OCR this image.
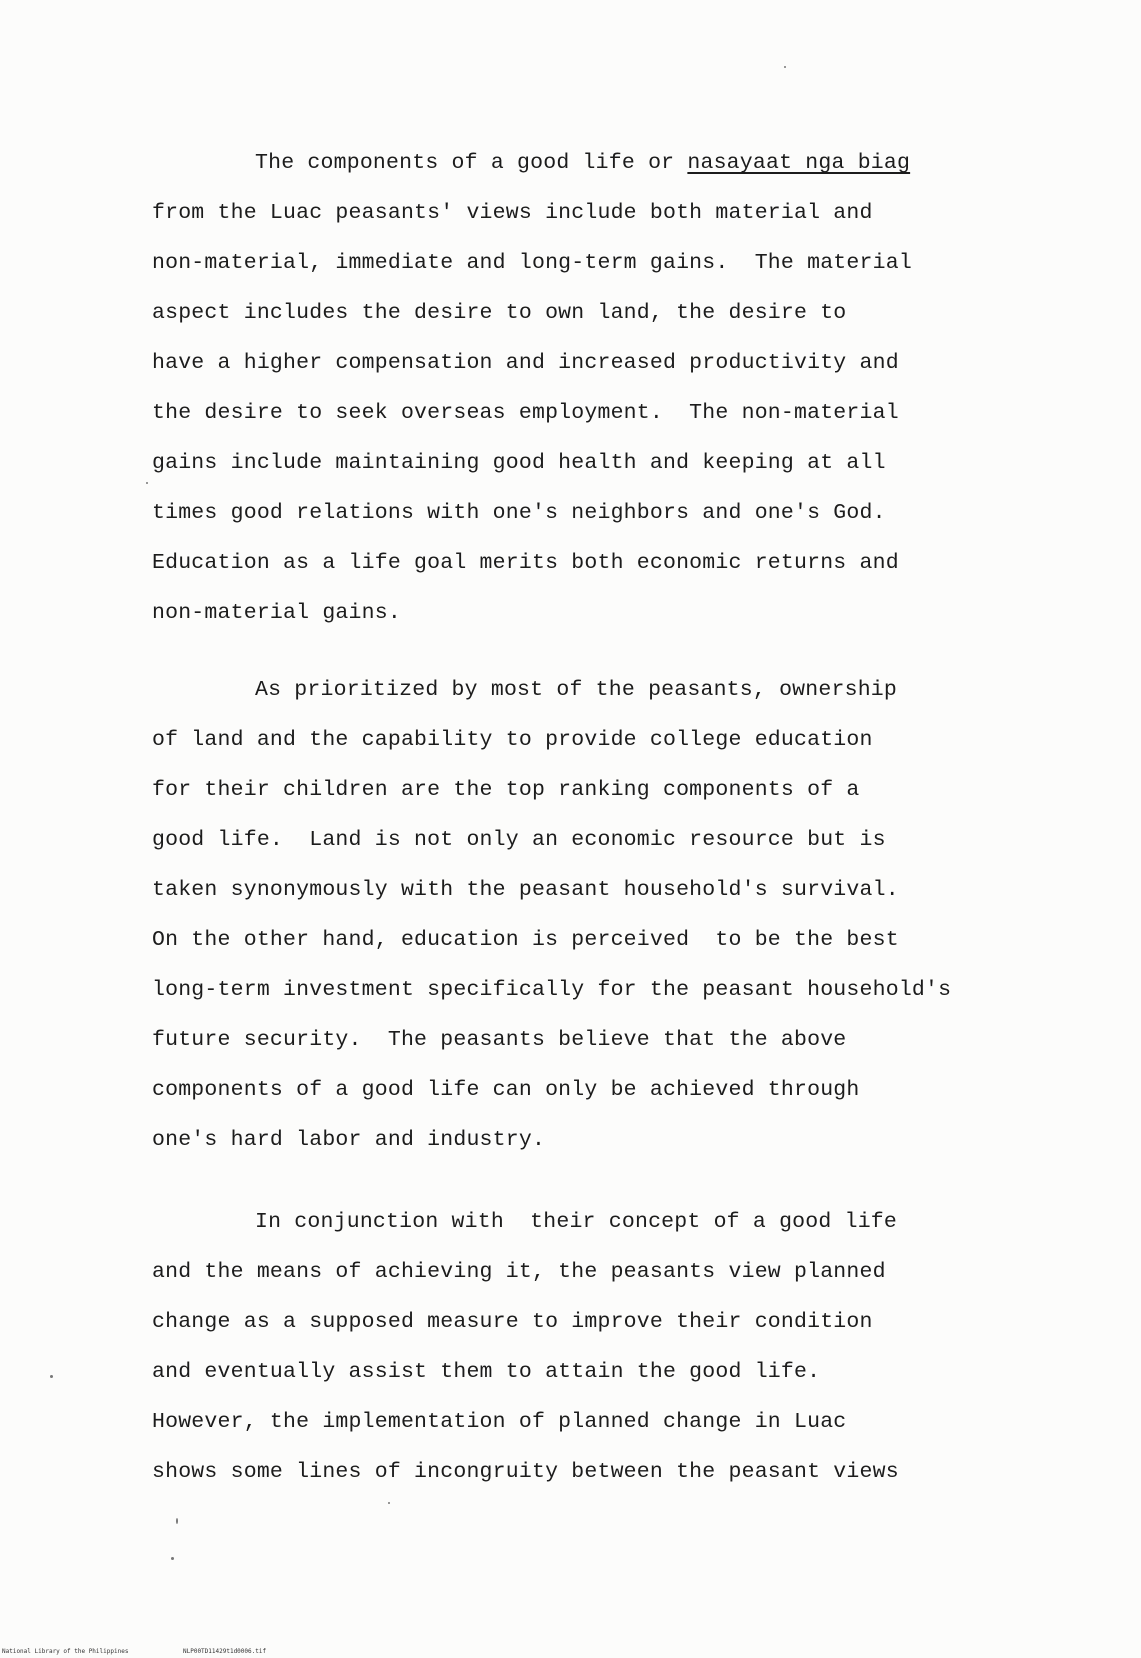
The components of a good life or nasayaat nga biag
from the Luac peasants' views include both material and
non-material, immediate and long-term gains.  The material
aspect includes the desire to own land, the desire to
have a higher compensation and increased productivity and
the desire to seek overseas employment.  The non-material
gains include maintaining good health and keeping at all
times good relations with one's neighbors and one's God.
Education as a life goal merits both economic returns and
non-material gains.
As prioritized by most of the peasants, ownership
of land and the capability to provide college education
for their children are the top ranking components of a
good life.  Land is not only an economic resource but is
taken synonymously with the peasant household's survival.
On the other hand, education is perceived  to be the best
long-term investment specifically for the peasant household's
future security.  The peasants believe that the above
components of a good life can only be achieved through
one's hard labor and industry.
In conjunction with  their concept of a good life
and the means of achieving it, the peasants view planned
change as a supposed measure to improve their condition
and eventually assist them to attain the good life.
However, the implementation of planned change in Luac
shows some lines of incongruity between the peasant views
National Library of the Philippines	NLP00TD11429t1d0006.tif
